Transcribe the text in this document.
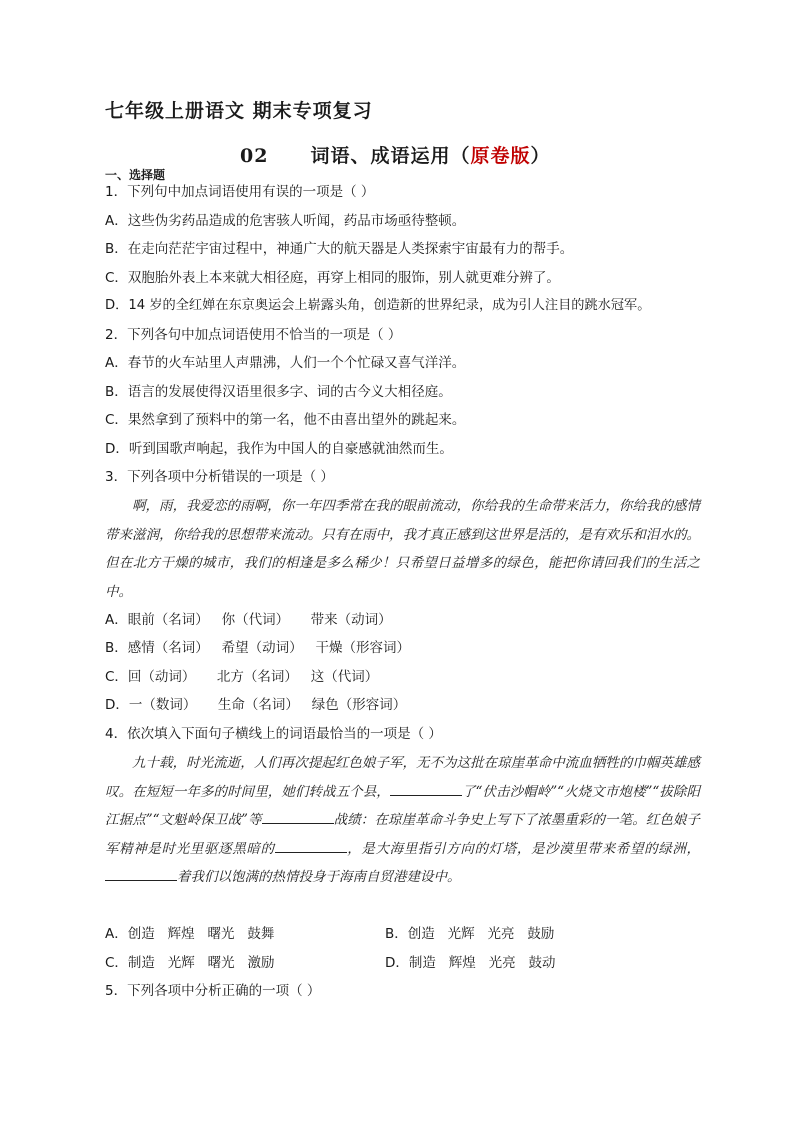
七年级上册语文 期末专项复习
02 词语、成语运用（原卷版）
一、选择题
1．下列句中加点词语使用有误的一项是（ ）
A．这些伪劣药品造成的危害骇人听闻，药品市场亟待整顿。
B．在走向茫茫宇宙过程中，神通广大的航天器是人类探索宇宙最有力的帮手。
C．双胞胎外表上本来就大相径庭，再穿上相同的服饰，别人就更难分辨了。
D．14 岁的全红婵在东京奥运会上崭露头角，创造新的世界纪录，成为引人注目的跳水冠军。
2．下列各句中加点词语使用不恰当的一项是（ ）
A．春节的火车站里人声鼎沸，人们一个个忙碌又喜气洋洋。
B．语言的发展使得汉语里很多字、词的古今义大相径庭。
C．果然拿到了预料中的第一名，他不由喜出望外的跳起来。
D．听到国歌声响起，我作为中国人的自豪感就油然而生。
3．下列各项中分析错误的一项是（ ）

啊，雨，我爱恋的雨啊，你一年四季常在我的眼前流动，你给我的生命带来活力，你给我的感情带来滋润，你给我的思想带来流动。只有在雨中，我才真正感到这世界是活的，是有欢乐和泪水的。但在北方干燥的城市，我们的相逢是多么稀少！只希望日益增多的绿色，能把你请回我们的生活之中。

A．眼前（名词）   你（代词）     带来（动词）
B．感情（名词）   希望（动词）   干燥（形容词）
C．回（动词）     北方（名词）   这（代词）
D．一（数词）     生命（名词）   绿色（形容词）
4．依次填入下面句子横线上的词语最恰当的一项是（ ）

九十载，时光流逝，人们再次提起红色娘子军，无不为这批在琼崖革命中流血牺牲的巾帼英雄感叹。在短短一年多的时间里，她们转战五个县，	了“伏击沙帽岭”“火烧文市炮楼”“拔除阳江据点”“文魁岭保卫战”等	战绩：在琼崖革命斗争史上写下了浓墨重彩的一笔。红色娘子军精神是时光里驱逐黑暗的	，是大海里指引方向的灯塔，是沙漠里带来希望的绿洲，着我们以饱满的热情投身于海南自贸港建设中。

A．创造   辉煌   曙光   鼓舞	B．创造   光辉   光亮   鼓励
C．制造   光辉   曙光   激励	D．制造   辉煌   光亮   鼓动
5．下列各项中分析正确的一项（ ）
